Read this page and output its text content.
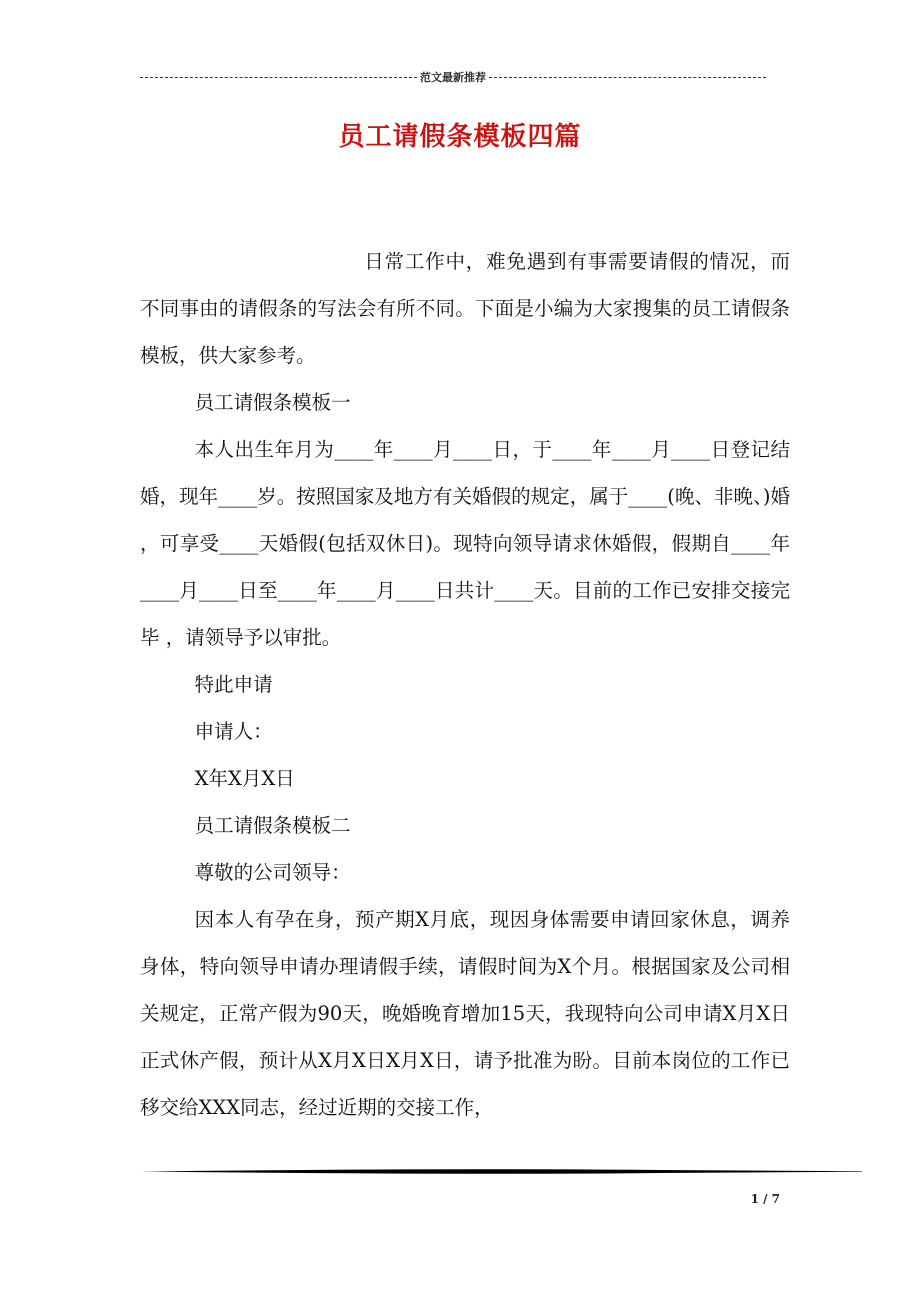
范文最新推荐
员工请假条模板四篇

日常工作中，难免遇到有事需要请假的情况，而不同事由的请假条的写法会有所不同。下面是小编为大家搜集的员工请假条模板，供大家参考。

员工请假条模板一

本人出生年月为____年____月____日，于____年____月____日登记结婚，现年____岁。按照国家及地方有关婚假的规定，属于____(晚、非晚、)婚 ，可享受____天婚假(包括双休日)。现特向领导请求休婚假，假期自____年____月____日至____年____月____日共计____天。目前的工作已安排交接完毕 ，请领导予以审批。

特此申请

申请人：

X年X月X日

员工请假条模板二

尊敬的公司领导：

因本人有孕在身，预产期X月底，现因身体需要申请回家休息，调养身体，特向领导申请办理请假手续，请假时间为X个月。根据国家及公司相关规定，正常产假为90天，晚婚晚育增加15天，我现特向公司申请X月X日正式休产假，预计从X月X日X月X日，请予批准为盼。目前本岗位的工作已移交给XXX同志，经过近期的交接工作，

1 / 7
